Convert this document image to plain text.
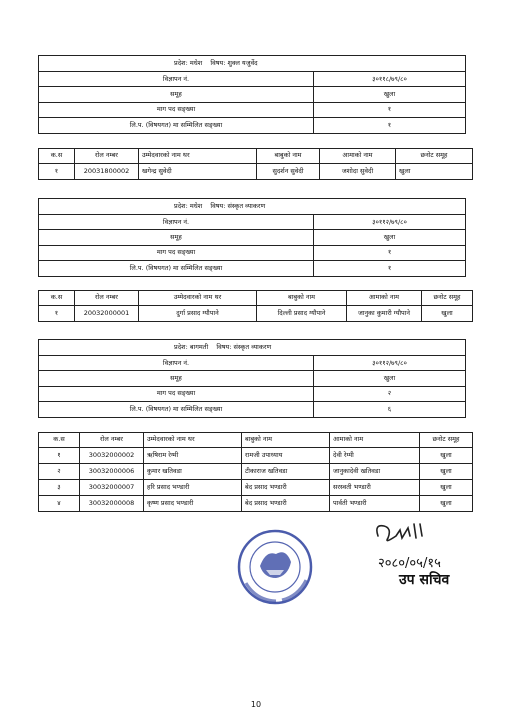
प्रदेश: मधेश विषय: शुक्ल यजुर्वेद	
विज्ञापन नं.	३०११८/७९/८०
समूह	खुला
माग पद सङ्ख्या	१
लि.प. (विषयगत) मा सम्मिलित सङ्ख्या	१
क.स	रोल नम्बर	उम्मेदवारको नाम थर	बाबुको नाम	आमाको नाम	छनोट समूह
१	20031800002	खगेन्द्र सुवेदी	सुदर्शन सुवेदी	जशोदा सुवेदी	खुला
प्रदेश: मधेश विषय: संस्कृत व्याकरण	
विज्ञापन नं.	३०११२/७९/८०
समूह	खुला
माग पद सङ्ख्या	१
लि.प. (विषयगत) मा सम्मिलित सङ्ख्या	१
क.स	रोल नम्बर	उम्मेदवारको नाम थर	बाबुको नाम	आमाको नाम	छनोट समूह
१	20032000001	दुर्गा प्रसाद ग्यौपाने	दिल्ली प्रसाद ग्यौपाने	जानुका कुमारी ग्यौपाने	खुला
प्रदेश: बागमती विषय: संस्कृत व्याकरण	
विज्ञापन नं.	३०११२/७९/८०
समूह	खुला
माग पद सङ्ख्या	२
लि.प. (विषयगत) मा सम्मिलित सङ्ख्या	६
क.स	रोल नम्बर	उम्मेदवारको नाम थर	बाबुको नाम	आमाको नाम	छनोट समूह
१	30032000002	ऋषिराम रेग्मी	रामजी उपाध्याय	देवी रेग्मी	खुला
२	30032000006	कुमार खतिवडा	टीकाराज खतिवडा	जानुकादेवी खतिवडा	खुला
३	30032000007	हरि प्रसाद भण्डारी	बेद प्रसाद भण्डारी	सरस्वती भण्डारी	खुला
४	30032000008	कृष्ण प्रसाद भण्डारी	बेद प्रसाद भण्डारी	पार्वती भण्डारी	खुला
२०८०/०५/१५
उप सचिव
10
